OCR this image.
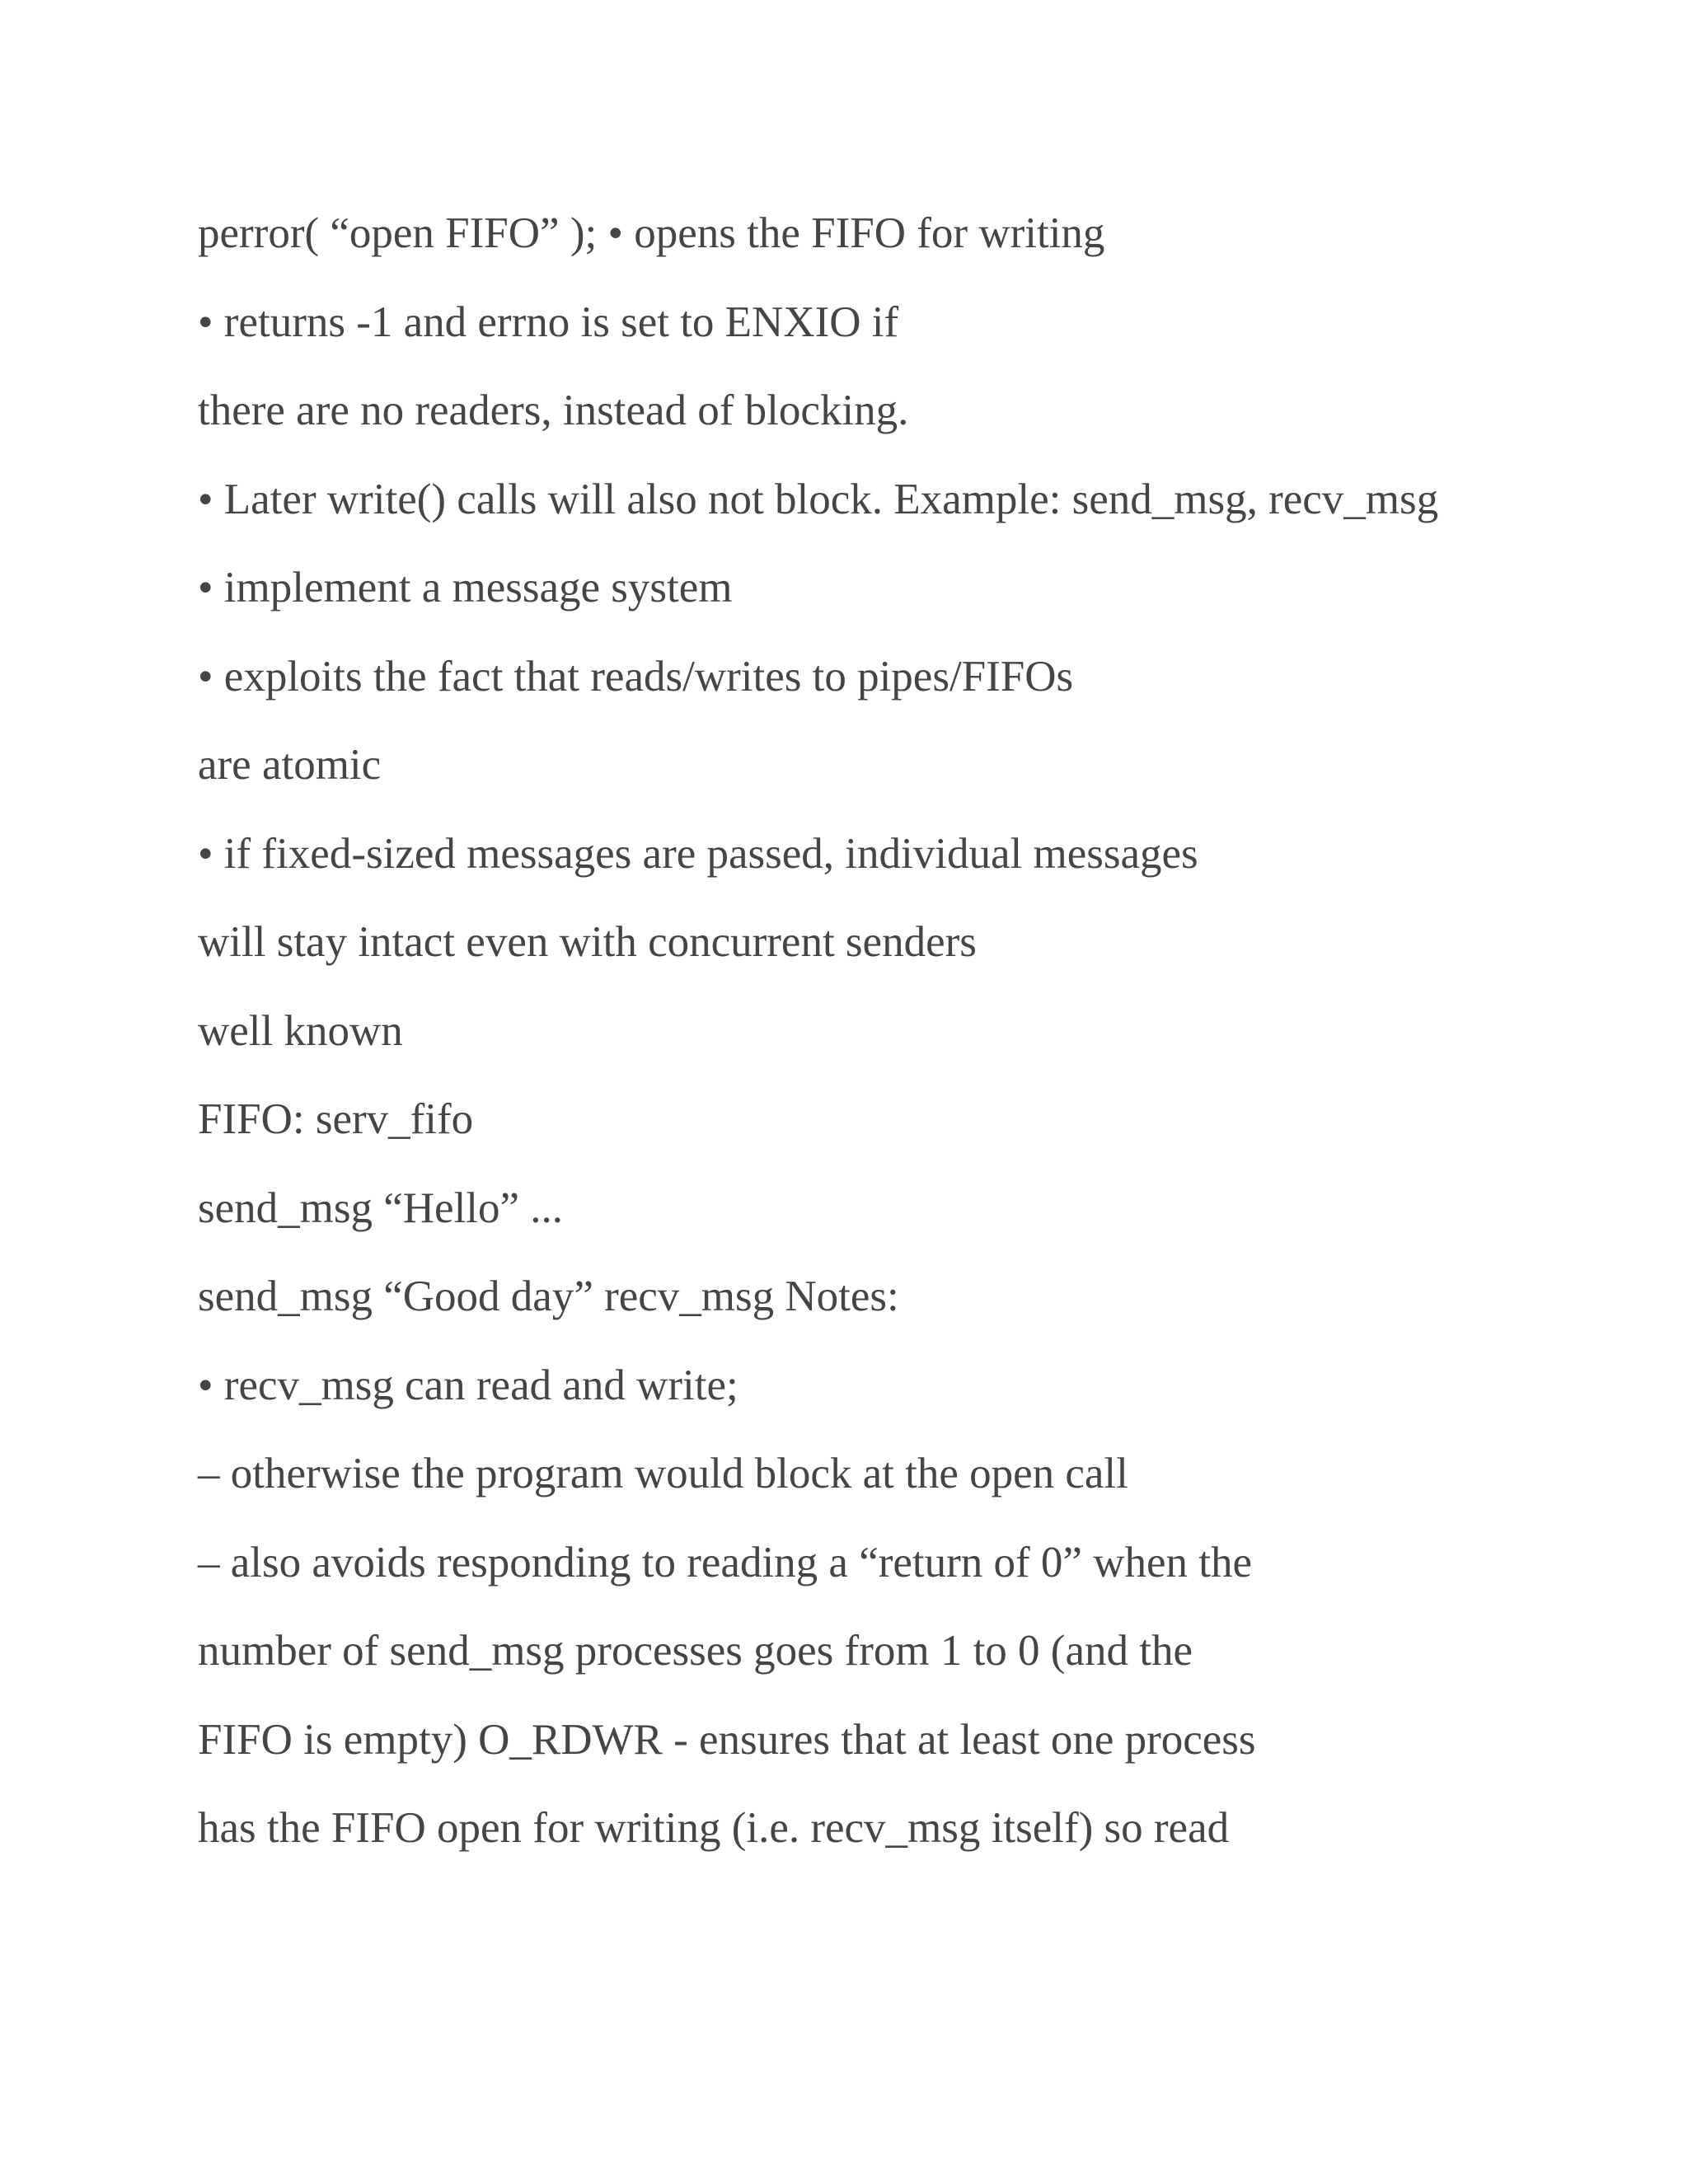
perror( “open FIFO” ); • opens the FIFO for writing
• returns -1 and errno is set to ENXIO if
there are no readers, instead of blocking.
• Later write() calls will also not block. Example: send_msg, recv_msg
• implement a message system
• exploits the fact that reads/writes to pipes/FIFOs
are atomic
• if fixed-sized messages are passed, individual messages
will stay intact even with concurrent senders
well known
FIFO: serv_fifo
send_msg “Hello” ...
send_msg “Good day” recv_msg Notes:
• recv_msg can read and write;
– otherwise the program would block at the open call
– also avoids responding to reading a “return of 0” when the
number of send_msg processes goes from 1 to 0 (and the
FIFO is empty) O_RDWR - ensures that at least one process
has the FIFO open for writing (i.e. recv_msg itself) so read
